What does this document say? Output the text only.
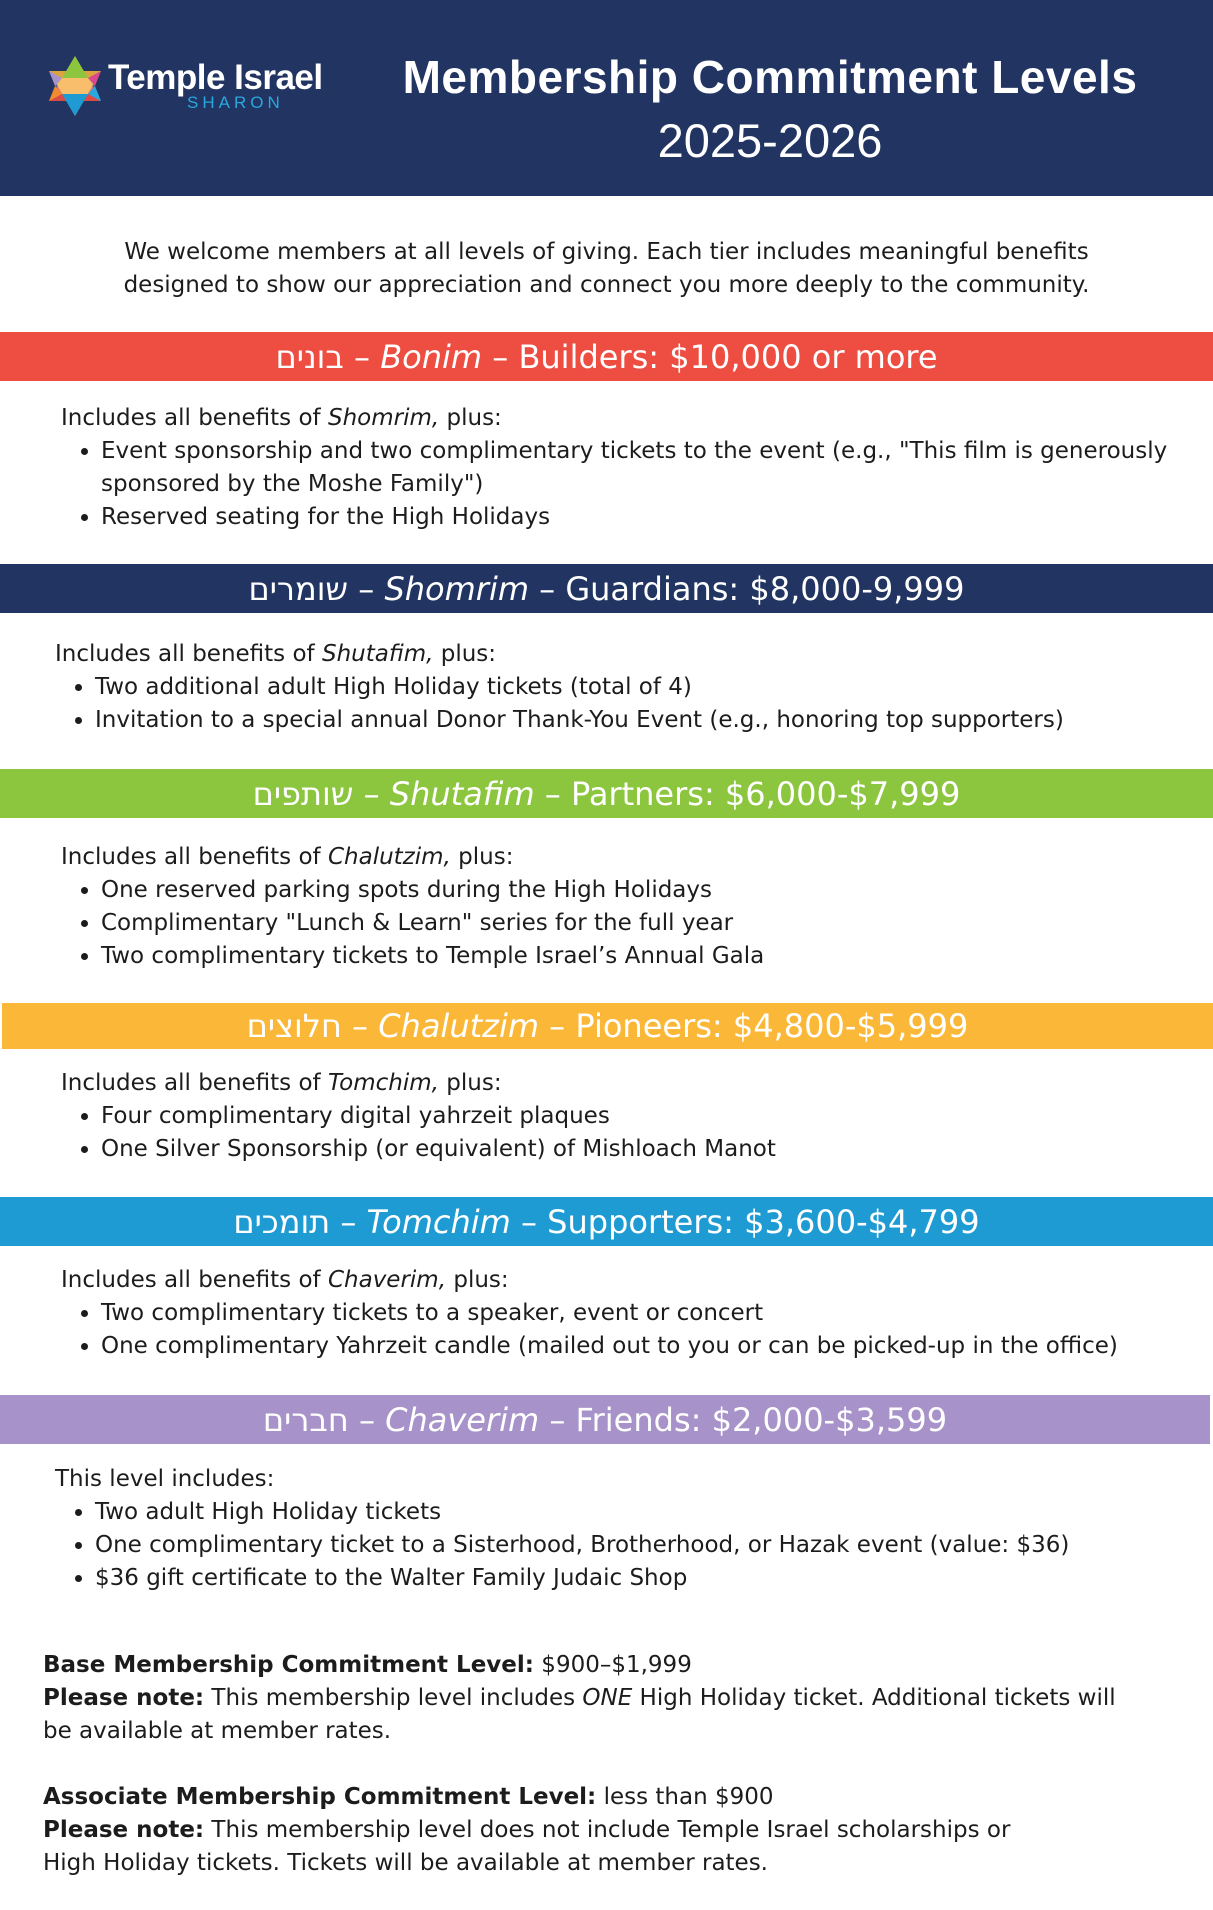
Temple Israel
SHARON	Membership Commitment Levels
2025-2026
We welcome members at all levels of giving. Each tier includes meaningful benefits
designed to show our appreciation and connect you more deeply to the community.
בונים – Bonim – Builders: $10,000 or more

Includes all benefits of Shomrim, plus:

• Event sponsorship and two complimentary tickets to the event (e.g., "This film is generously sponsored by the Moshe Family")
• Reserved seating for the High Holidays
שומרים – Shomrim – Guardians: $8,000-9,999

Includes all benefits of Shutafim, plus:

• Two additional adult High Holiday tickets (total of 4)
• Invitation to a special annual Donor Thank-You Event (e.g., honoring top supporters)
שותפים – Shutafim – Partners: $6,000-$7,999

Includes all benefits of Chalutzim, plus:

• One reserved parking spots during the High Holidays
• Complimentary "Lunch & Learn" series for the full year
• Two complimentary tickets to Temple Israel’s Annual Gala
חלוצים – Chalutzim – Pioneers: $4,800-$5,999

Includes all benefits of Tomchim, plus:

• Four complimentary digital yahrzeit plaques
• One Silver Sponsorship (or equivalent) of Mishloach Manot
תומכים – Tomchim – Supporters: $3,600-$4,799

Includes all benefits of Chaverim, plus:

• Two complimentary tickets to a speaker, event or concert
• One complimentary Yahrzeit candle (mailed out to you or can be picked-up in the office)
חברים – Chaverim – Friends: $2,000-$3,599

This level includes:

• Two adult High Holiday tickets
• One complimentary ticket to a Sisterhood, Brotherhood, or Hazak event (value: $36)
• $36 gift certificate to the Walter Family Judaic Shop

Base Membership Commitment Level: $900–$1,999

Please note: This membership level includes ONE High Holiday ticket. Additional tickets will

be available at member rates.

Associate Membership Commitment Level: less than $900

Please note: This membership level does not include Temple Israel scholarships or

High Holiday tickets. Tickets will be available at member rates.
